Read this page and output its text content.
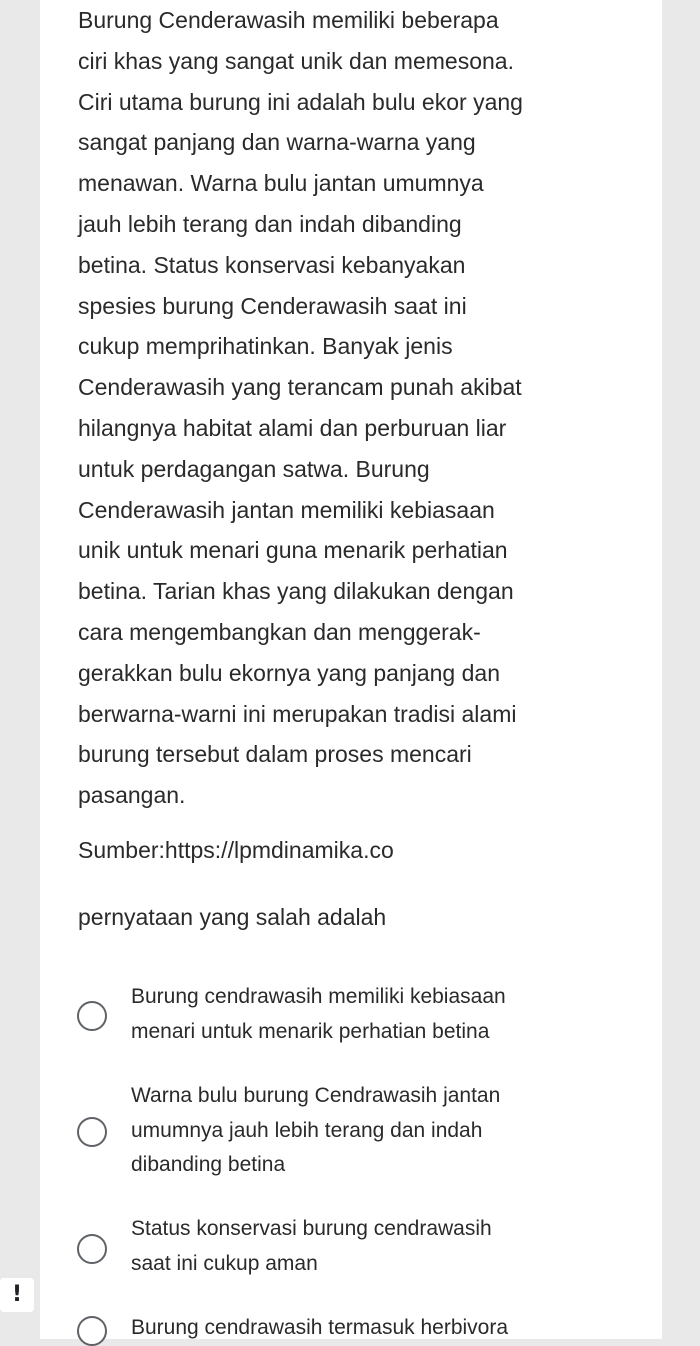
Burung Cenderawasih memiliki beberapa
ciri khas yang sangat unik dan memesona.
Ciri utama burung ini adalah bulu ekor yang
sangat panjang dan warna-warna yang
menawan. Warna bulu jantan umumnya
jauh lebih terang dan indah dibanding
betina. Status konservasi kebanyakan
spesies burung Cenderawasih saat ini
cukup memprihatinkan. Banyak jenis
Cenderawasih yang terancam punah akibat
hilangnya habitat alami dan perburuan liar
untuk perdagangan satwa. Burung
Cenderawasih jantan memiliki kebiasaan
unik untuk menari guna menarik perhatian
betina. Tarian khas yang dilakukan dengan
cara mengembangkan dan menggerak-
gerakkan bulu ekornya yang panjang dan
berwarna-warni ini merupakan tradisi alami
burung tersebut dalam proses mencari
pasangan.

Sumber:https://lpmdinamika.co

pernyataan yang salah adalah

Burung cendrawasih memiliki kebiasaan
menari untuk menarik perhatian betina

Warna bulu burung Cendrawasih jantan
umumnya jauh lebih terang dan indah
dibanding betina

Status konservasi burung cendrawasih
saat ini cukup aman

Burung cendrawasih termasuk herbivora

!
